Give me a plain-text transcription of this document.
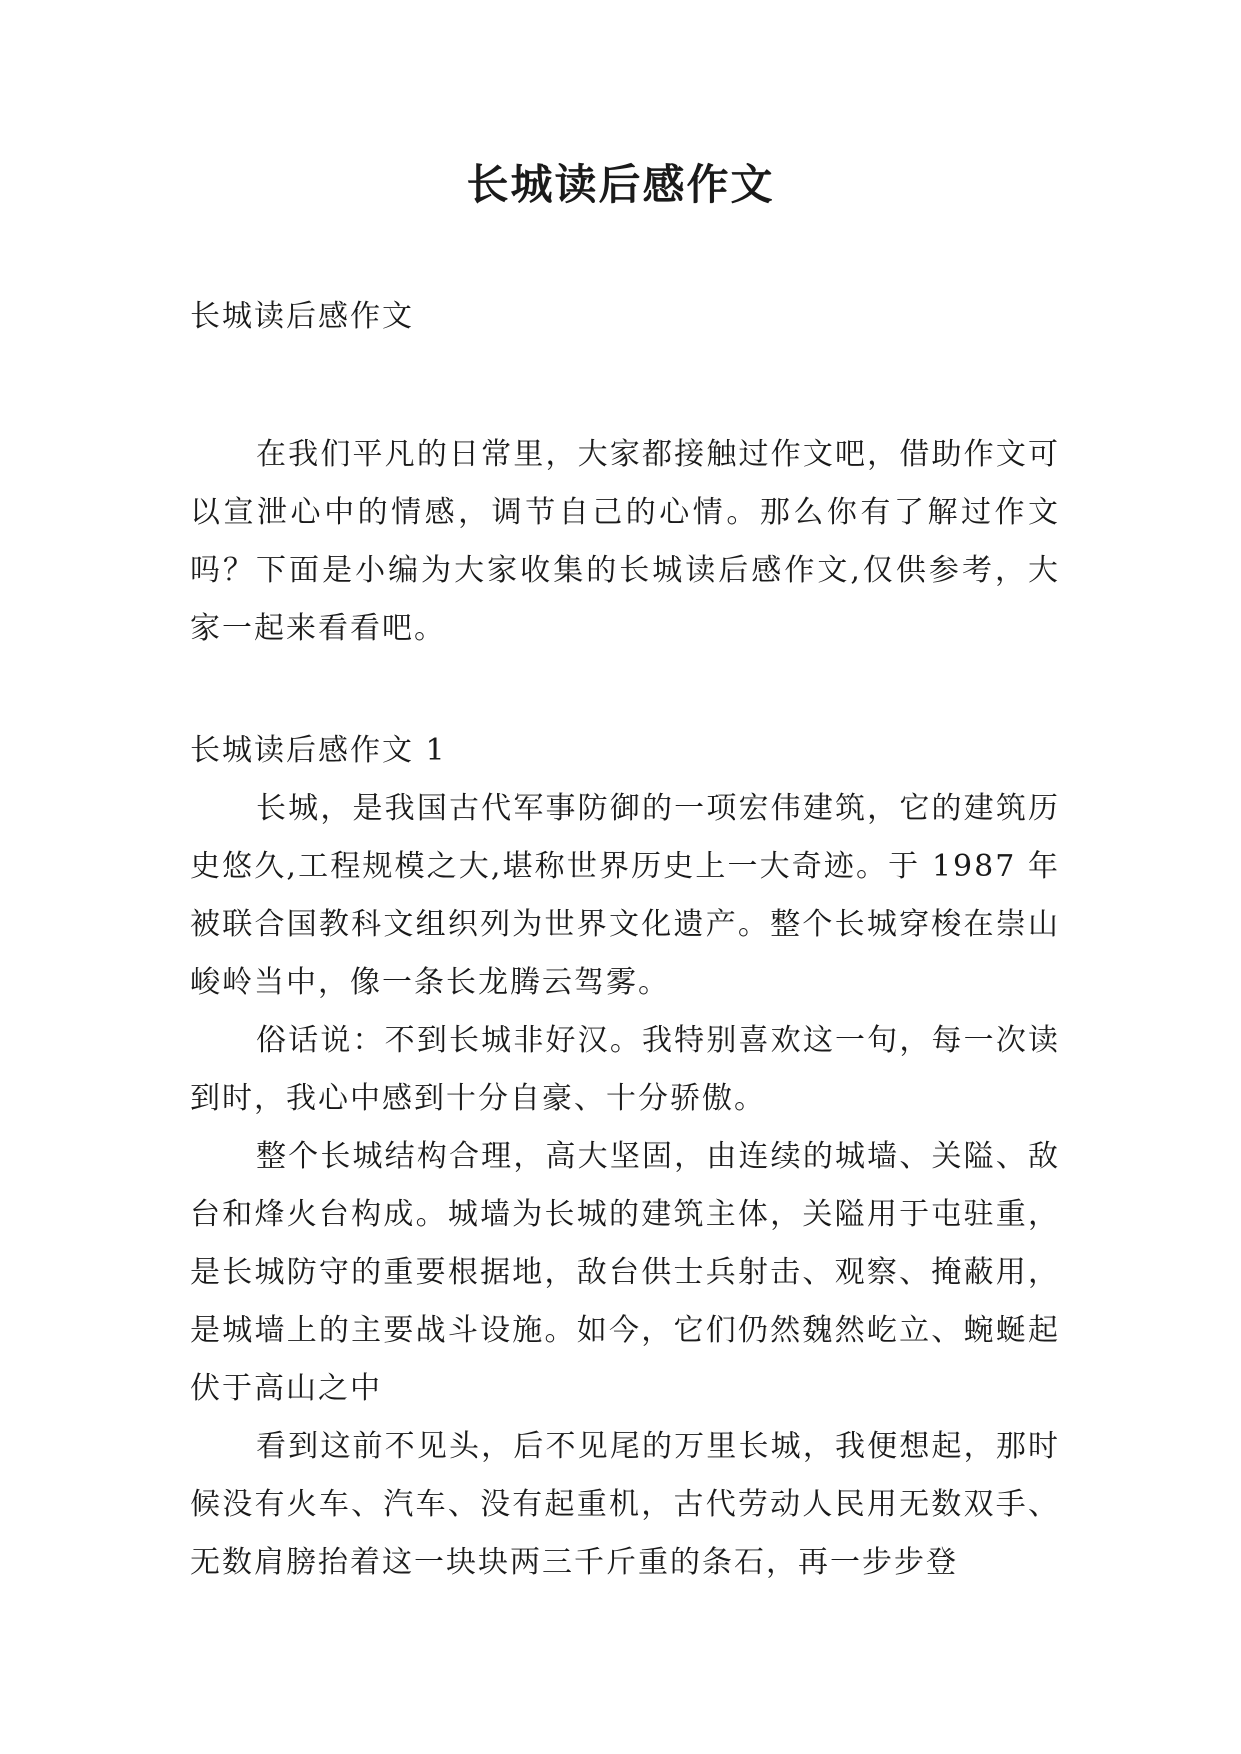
长城读后感作文

长城读后感作文

在我们平凡的日常里，大家都接触过作文吧，借助作文可以宣泄心中的情感，调节自己的心情。那么你有了解过作文吗？下面是小编为大家收集的长城读后感作文,仅供参考，大家一起来看看吧。

长城读后感作文 1

长城，是我国古代军事防御的一项宏伟建筑，它的建筑历史悠久,工程规模之大,堪称世界历史上一大奇迹。于 1987 年被联合国教科文组织列为世界文化遗产。整个长城穿梭在崇山峻岭当中，像一条长龙腾云驾雾。

俗话说：不到长城非好汉。我特别喜欢这一句，每一次读到时，我心中感到十分自豪、十分骄傲。

整个长城结构合理，高大坚固，由连续的城墙、关隘、敌台和烽火台构成。城墙为长城的建筑主体，关隘用于屯驻重，是长城防守的重要根据地，敌台供士兵射击、观察、掩蔽用，是城墙上的主要战斗设施。如今，它们仍然魏然屹立、蜿蜒起伏于高山之中

看到这前不见头，后不见尾的万里长城，我便想起，那时候没有火车、汽车、没有起重机，古代劳动人民用无数双手、无数肩膀抬着这一块块两三千斤重的条石，再一步步登
